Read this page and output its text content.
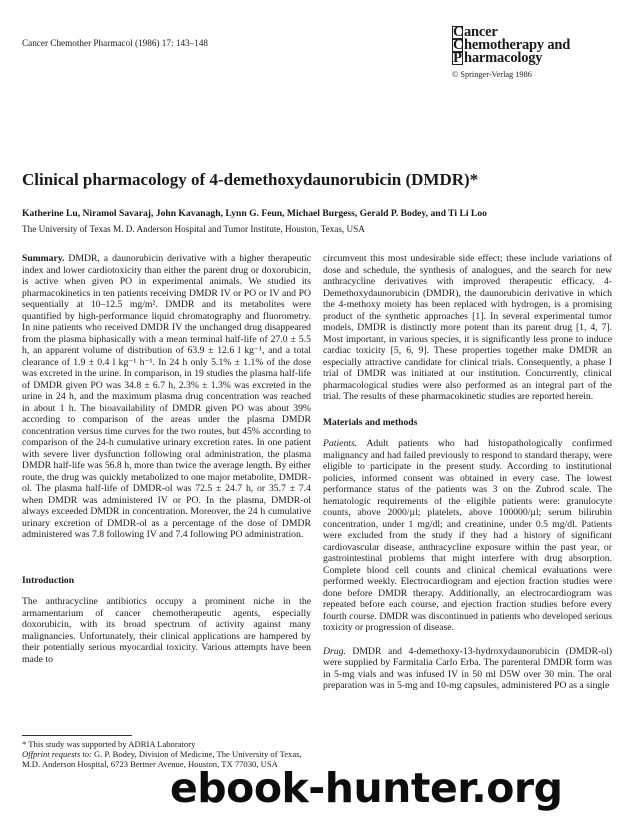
Cancer Chemother Pharmacol (1986) 17: 143–148
Cancer
Chemotherapy and
P harmacology
© Springer-Verlag 1986
Clinical pharmacology of 4-demethoxydaunorubicin (DMDR)*
Katherine Lu, Niramol Savaraj, John Kavanagh, Lynn G. Feun, Michael Burgess, Gerald P. Bodey, and Ti Li Loo
The University of Texas M. D. Anderson Hospital and Tumor Institute, Houston, Texas, USA

Summary. DMDR, a daunorubicin derivative with a higher therapeutic index and lower cardiotoxicity than either the parent drug or doxorubicin, is active when given PO in experimental animals. We studied its pharmacokinetics in ten patients receiving DMDR IV or PO or IV and PO sequentially at 10–12.5 mg/m². DMDR and its metabolites were quantified by high-performance liquid chromatography and fluorometry. In nine patients who received DMDR IV the unchanged drug disappeared from the plasma biphasically with a mean terminal half-life of 27.0 ± 5.5 h, an apparent volume of distribution of 63.9 ± 12.6 l kg⁻¹, and a total clearance of 1.9 ± 0.4 l kg⁻¹ h⁻¹. In 24 h only 5.1% ± 1.1% of the dose was excreted in the urine. In comparison, in 19 studies the plasma half-life of DMDR given PO was 34.8 ± 6.7 h, 2.3% ± 1.3% was excreted in the urine in 24 h, and the maximum plasma drug concentration was reached in about 1 h. The bioavailability of DMDR given PO was about 39% according to comparison of the areas under the plasma DMDR concentration versus time curves for the two routes, but 45% according to comparison of the 24-h cumulative urinary excretion rates. In one patient with severe liver dysfunction following oral administration, the plasma DMDR half-life was 56.8 h, more than twice the average length. By either route, the drug was quickly metabolized to one major metabolite, DMDR-ol. The plasma half-life of DMDR-ol was 72.5 ± 24.7 h, or 35.7 ± 7.4 when DMDR was administered IV or PO. In the plasma, DMDR-ol always exceeded DMDR in concentration. Moreover, the 24 h cumulative urinary excretion of DMDR-ol as a percentage of the dose of DMDR administered was 7.8 following IV and 7.4 following PO administration.

Introduction

The anthracycline antibiotics occupy a prominent niche in the armamentarium of cancer chemotherapeutic agents, especially doxorubicin, with its broad spectrum of activity against many malignancies. Unfortunately, their clinical applications are hampered by their potentially serious myocardial toxicity. Various attempts have been made to

circumvent this most undesirable side effect; these include variations of dose and schedule, the synthesis of analogues, and the search for new anthracycline derivatives with improved therapeutic efficacy. 4-Demethoxydaunorubicin (DMDR), the daunorubicin derivative in which the 4-methoxy moiety has been replaced with hydrogen, is a promising product of the synthetic approaches [1]. In several experimental tumor models, DMDR is distinctly more potent than its parent drug [1, 4, 7]. Most important, in various species, it is significantly less prone to induce cardiac toxicity [5, 6, 9]. These properties together make DMDR an especially attractive candidate for clinical trials. Consequently, a phase I trial of DMDR was initiated at our institution. Concurrently, clinical pharmacological studies were also performed as an integral part of the trial. The results of these pharmacokinetic studies are reported herein.

Materials and methods

Patients. Adult patients who had histopathologically confirmed malignancy and had failed previously to respond to standard therapy, were eligible to participate in the present study. According to institutional policies, informed consent was obtained in every case. The lowest performance status of the patients was 3 on the Zubrod scale. The hematologic requirements of the eligible patients were: granulocyte counts, above 2000/µl; platelets, above 100000/µl; serum bilirubin concentration, under 1 mg/dl; and creatinine, under 0.5 mg/dl. Patients were excluded from the study if they had a history of significant cardiovascular disease, anthracycline exposure within the past year, or gastrointestinal problems that might interfere with drug absorption. Complete blood cell counts and clinical chemical evaluations were performed weekly. Electrocardiogram and ejection fraction studies were done before DMDR therapy. Additionally, an electrocardiogram was repeated before each course, and ejection fraction studies before every fourth course. DMDR was discontinued in patients who developed serious toxicity or progression of disease.

Drug. DMDR and 4-demethoxy-13-hydroxydaunorubicin (DMDR-ol) were supplied by Farmitalia Carlo Erba. The parenteral DMDR form was in 5-mg vials and was infused IV in 50 ml D5W over 30 min. The oral preparation was in 5-mg and 10-mg capsules, administered PO as a single

* This study was supported by ADRIA Laboratory
Offprint requests to: G. P. Bodey, Division of Medicine, The University of Texas, M.D. Anderson Hospital, 6723 Bertner Avenue, Houston, TX 77030, USA
ebook-hunter.org
